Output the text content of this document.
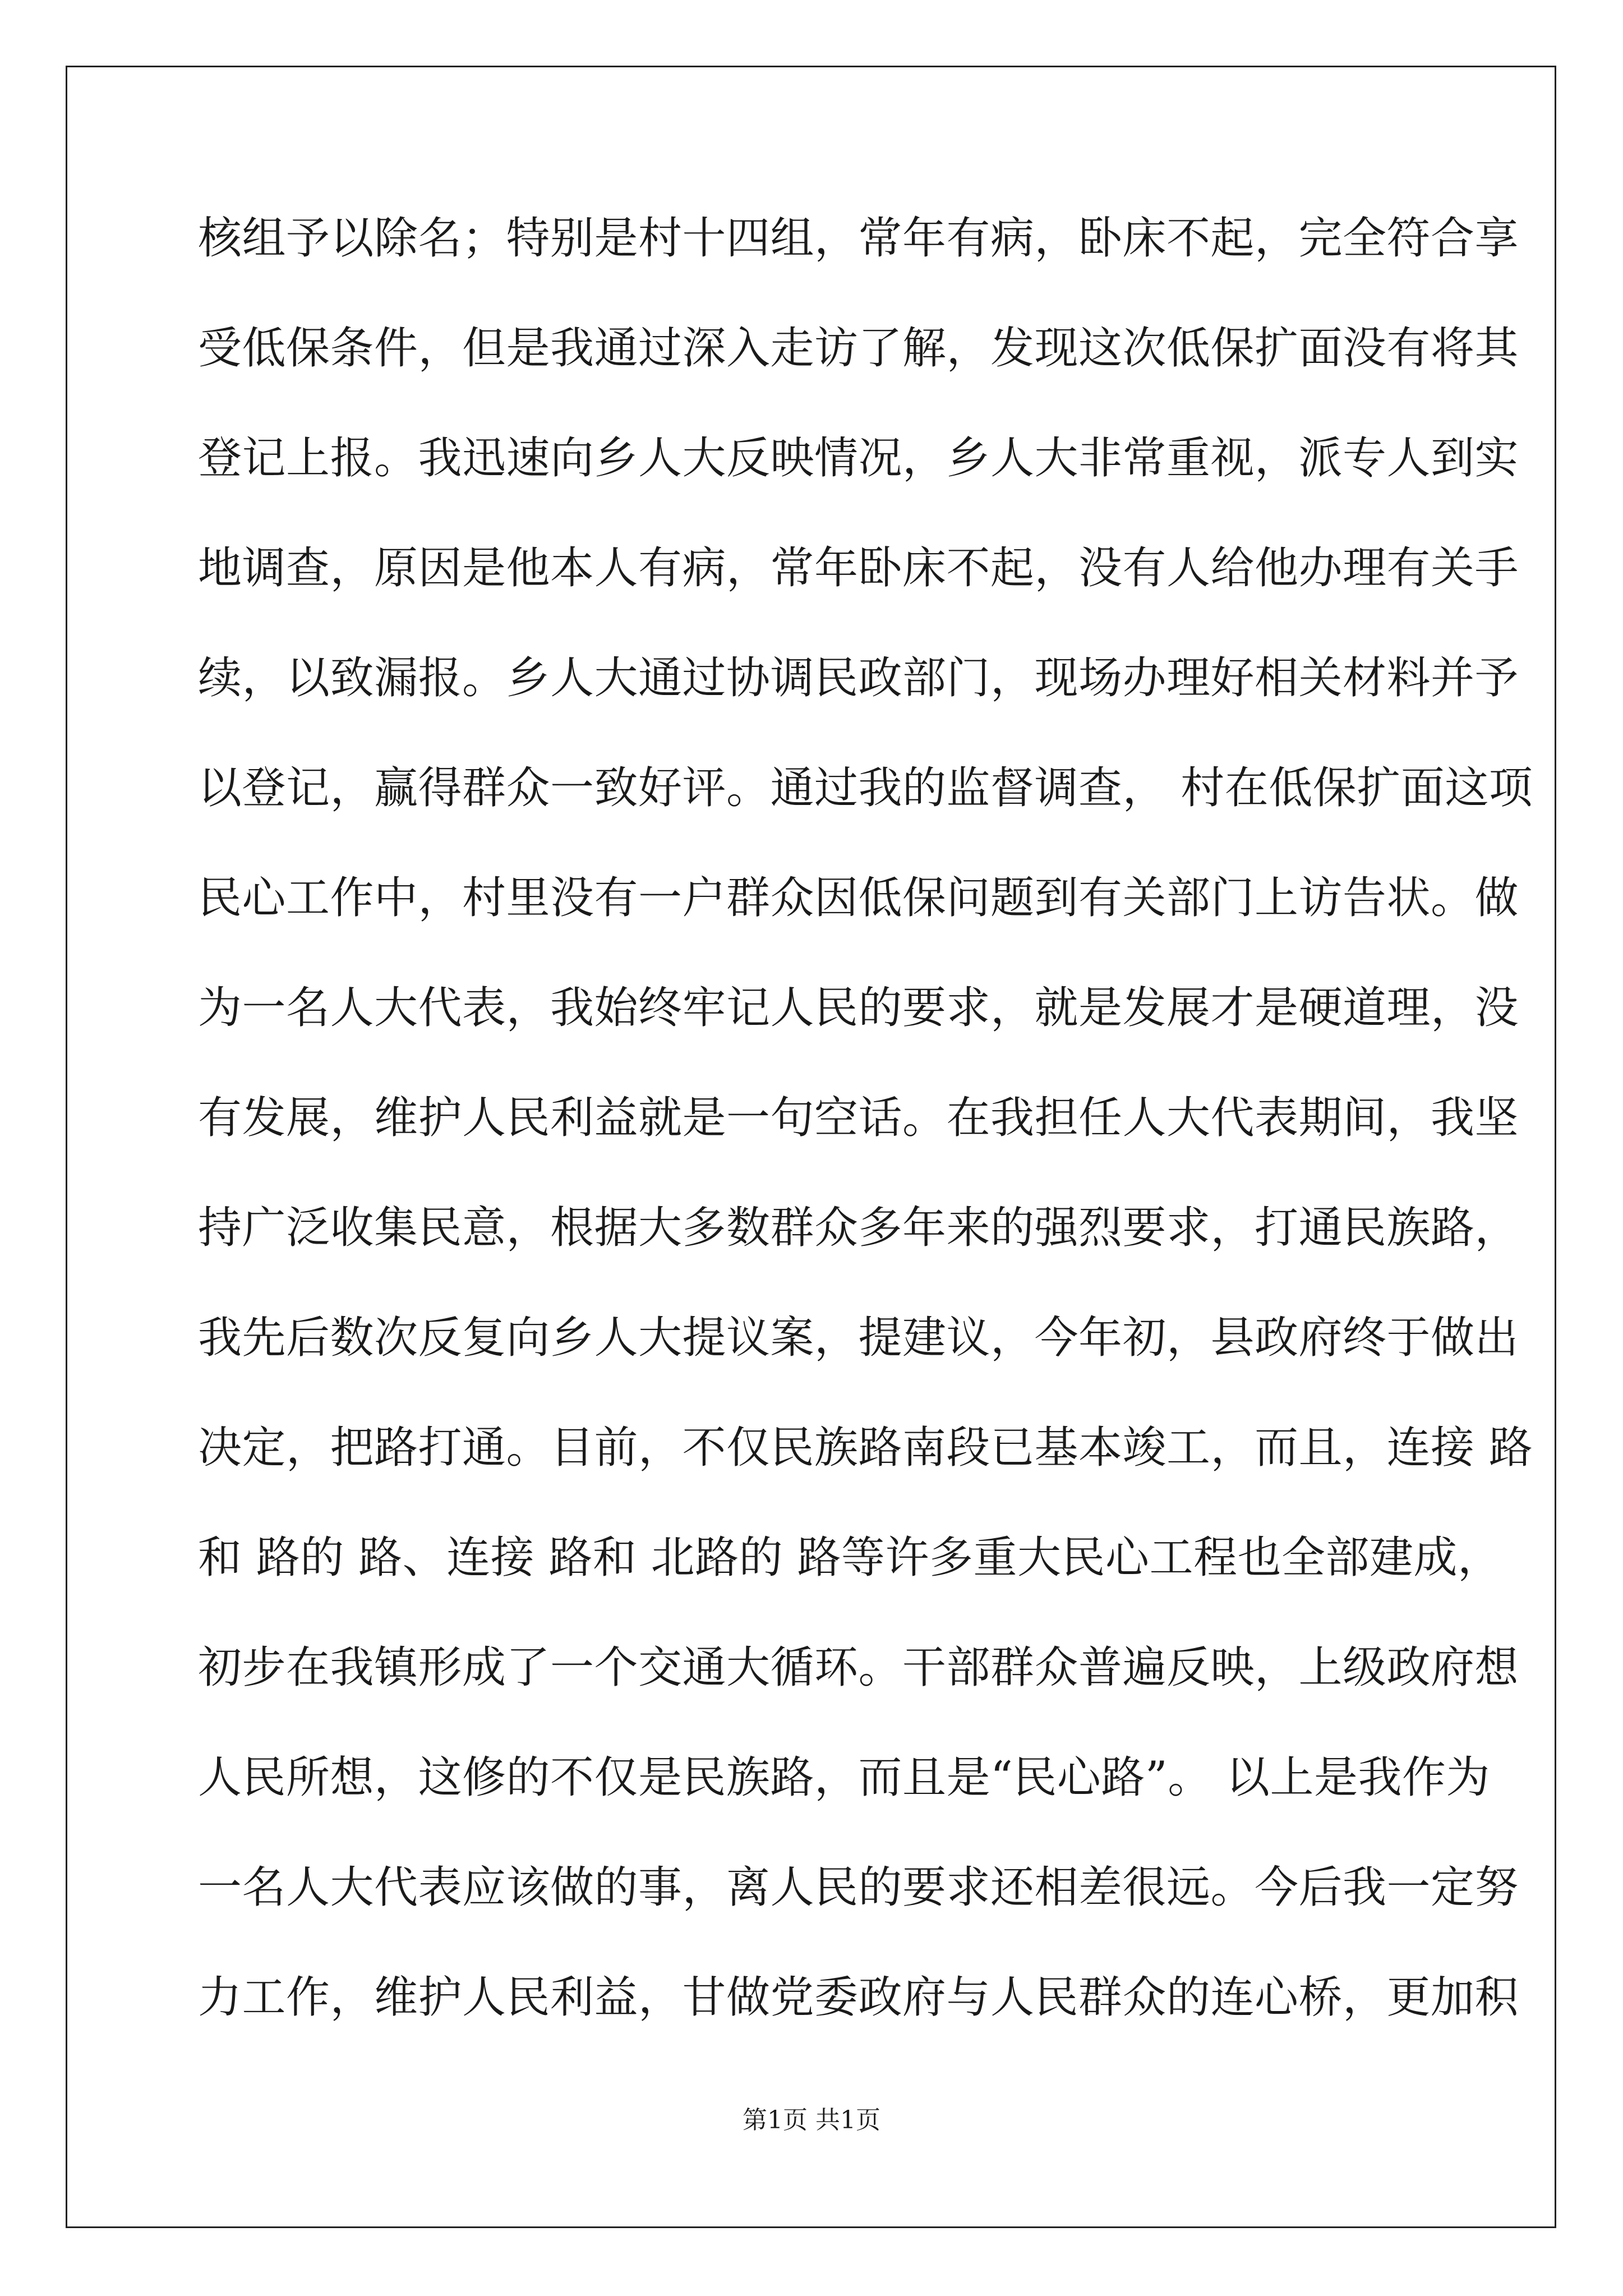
核组予以除名；特别是村十四组，常年有病，卧床不起，完全符合享
受低保条件，但是我通过深入走访了解，发现这次低保扩面没有将其
登记上报。我迅速向乡人大反映情况，乡人大非常重视，派专人到实
地调查，原因是他本人有病，常年卧床不起，没有人给他办理有关手
续，以致漏报。乡人大通过协调民政部门，现场办理好相关材料并予
以登记，赢得群众一致好评。通过我的监督调查， 村在低保扩面这项
民心工作中，村里没有一户群众因低保问题到有关部门上访告状。做
为一名人大代表，我始终牢记人民的要求，就是发展才是硬道理，没
有发展，维护人民利益就是一句空话。在我担任人大代表期间，我坚
持广泛收集民意，根据大多数群众多年来的强烈要求，打通民族路，
我先后数次反复向乡人大提议案，提建议，今年初，县政府终于做出
决定，把路打通。目前，不仅民族路南段已基本竣工，而且，连接 路
和 路的 路、连接 路和 北路的 路等许多重大民心工程也全部建成，
初步在我镇形成了一个交通大循环。干部群众普遍反映，上级政府想
人民所想，这修的不仅是民族路，而且是“民心路”。 以上是我作为
一名人大代表应该做的事，离人民的要求还相差很远。今后我一定努
力工作，维护人民利益，甘做党委政府与人民群众的连心桥，更加积
第1页 共1页
